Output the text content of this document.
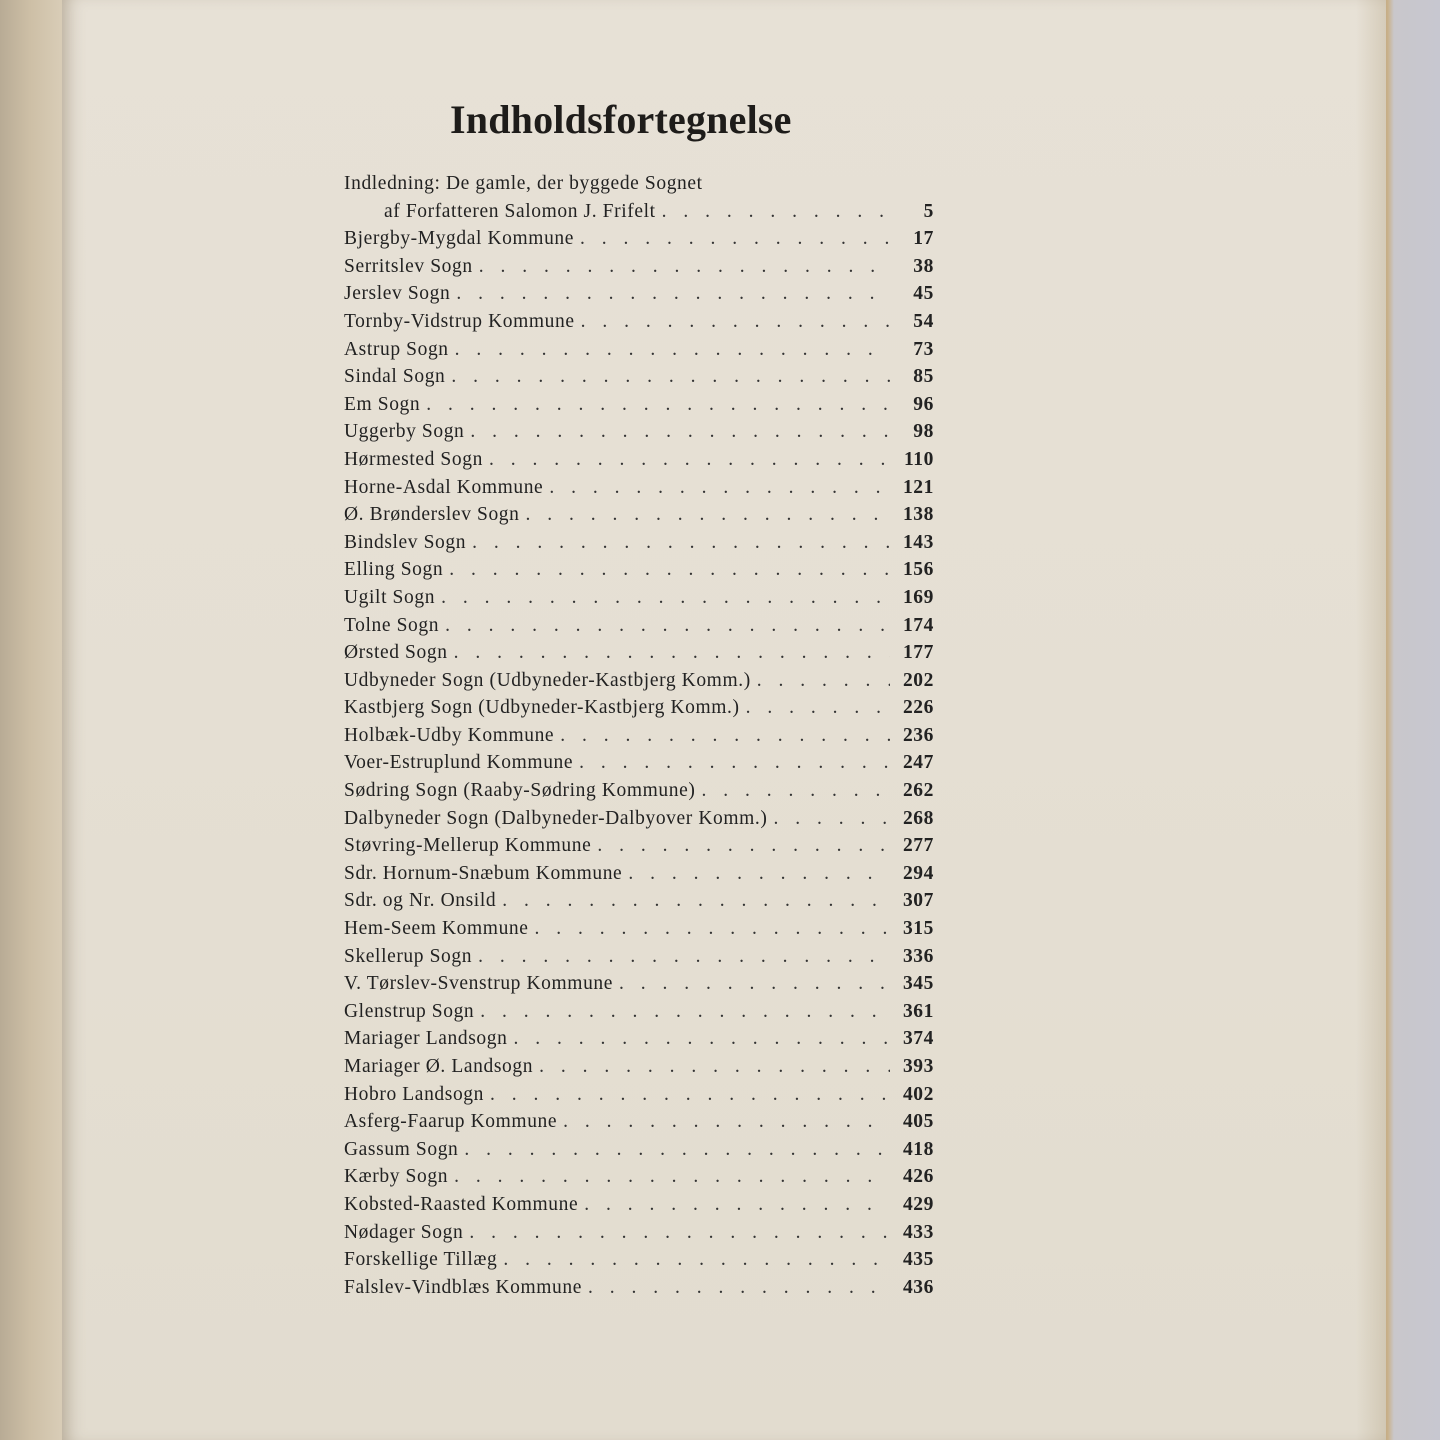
Indholdsfortegnelse
Indledning: De gamle, der byggede Sognet
af Forfatteren Salomon J. Frifelt . . .	5
Bjergby-Mygdal Kommune . . .	17
Serritslev Sogn . . .	38
Jerslev Sogn . . .	45
Tornby-Vidstrup Kommune . . .	54
Astrup Sogn . . .	73
Sindal Sogn . . .	85
Em Sogn . . .	96
Uggerby Sogn . . .	98
Hørmested Sogn . . .	110
Horne-Asdal Kommune . . .	121
Ø. Brønderslev Sogn . . .	138
Bindslev Sogn . . .	143
Elling Sogn . . .	156
Ugilt Sogn . . .	169
Tolne Sogn . . .	174
Ørsted Sogn . . .	177
Udbyneder Sogn (Udbyneder-Kastbjerg Komm.) . . .	202
Kastbjerg Sogn (Udbyneder-Kastbjerg Komm.) . . .	226
Holbæk-Udby Kommune . . .	236
Voer-Estruplund Kommune . . .	247
Sødring Sogn (Raaby-Sødring Kommune) . . .	262
Dalbyneder Sogn (Dalbyneder-Dalbyover Komm.) . . .	268
Støvring-Mellerup Kommune . . .	277
Sdr. Hornum-Snæbum Kommune . . .	294
Sdr. og Nr. Onsild . . .	307
Hem-Seem Kommune . . .	315
Skellerup Sogn . . .	336
V. Tørslev-Svenstrup Kommune . . .	345
Glenstrup Sogn . . .	361
Mariager Landsogn . . .	374
Mariager Ø. Landsogn . . .	393
Hobro Landsogn . . .	402
Asferg-Faarup Kommune . . .	405
Gassum Sogn . . .	418
Kærby Sogn . . .	426
Kobsted-Raasted Kommune . . .	429
Nødager Sogn . . .	433
Forskellige Tillæg . . .	435
Falslev-Vindblæs Kommune . . .	436
